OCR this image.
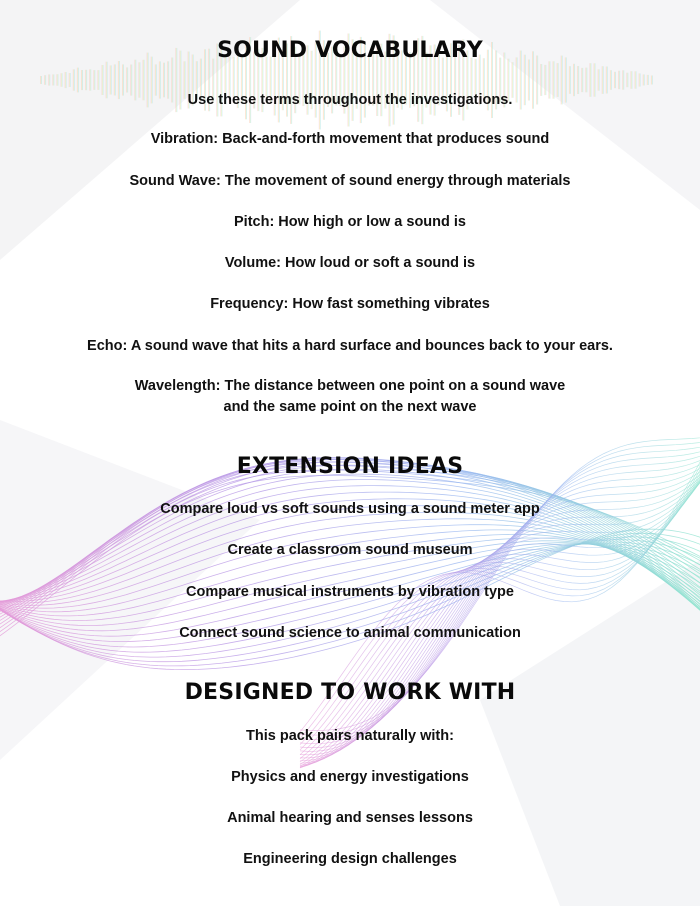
SOUND VOCABULARY
Use these terms throughout the investigations.
Vibration: Back-and-forth movement that produces sound
Sound Wave: The movement of sound energy through materials
Pitch: How high or low a sound is
Volume: How loud or soft a sound is
Frequency: How fast something vibrates
Echo: A sound wave that hits a hard surface and bounces back to your ears.
Wavelength: The distance between one point on a sound wave
and the same point on the next wave
EXTENSION IDEAS
Compare loud vs soft sounds using a sound meter app
Create a classroom sound museum
Compare musical instruments by vibration type
Connect sound science to animal communication
DESIGNED TO WORK WITH
This pack pairs naturally with:
Physics and energy investigations
Animal hearing and senses lessons
Engineering design challenges
